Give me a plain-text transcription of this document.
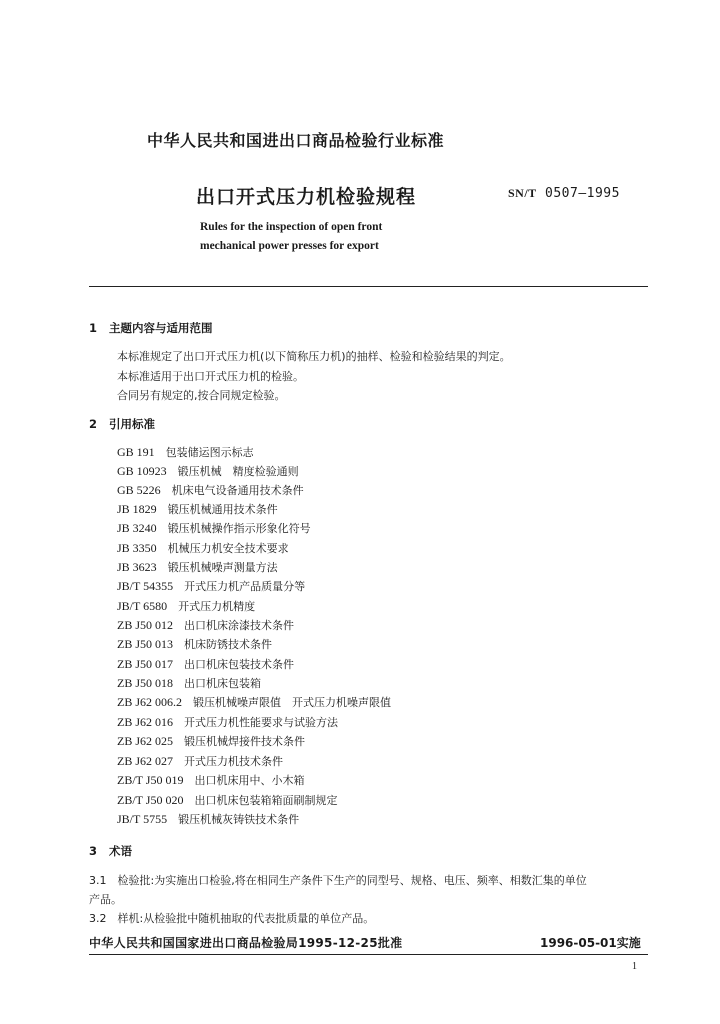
中华人民共和国进出口商品检验行业标准
出口开式压力机检验规程	SN/T 0507—1995
Rules for the inspection of open front
mechanical power presses for export
1 主题内容与适用范围
本标准规定了出口开式压力机(以下简称压力机)的抽样、检验和检验结果的判定。
本标准适用于出口开式压力机的检验。
合同另有规定的,按合同规定检验。
2 引用标准
GB 191　 包装储运图示标志
GB 10923　 锻压机械　精度检验通则
GB 5226　 机床电气设备通用技术条件
JB 1829　 锻压机械通用技术条件
JB 3240　 锻压机械操作指示形象化符号
JB 3350　 机械压力机安全技术要求
JB 3623　 锻压机械噪声测量方法
JB/T 54355　 开式压力机产品质量分等
JB/T 6580　 开式压力机精度
ZB J50 012　 出口机床涂漆技术条件
ZB J50 013　 机床防锈技术条件
ZB J50 017　 出口机床包装技术条件
ZB J50 018　 出口机床包装箱
ZB J62 006.2　 锻压机械噪声限值　开式压力机噪声限值
ZB J62 016　 开式压力机性能要求与试验方法
ZB J62 025　 锻压机械焊接件技术条件
ZB J62 027　 开式压力机技术条件
ZB/T J50 019　 出口机床用中、小木箱
ZB/T J50 020　 出口机床包装箱箱面刷制规定
JB/T 5755　 锻压机械灰铸铁技术条件
3 术语
3.1　检验批:为实施出口检验,将在相同生产条件下生产的同型号、规格、电压、频率、相数汇集的单位
产品。
3.2　样机:从检验批中随机抽取的代表批质量的单位产品。
中华人民共和国国家进出口商品检验局1995-12-25批准	1996-05-01实施
1
